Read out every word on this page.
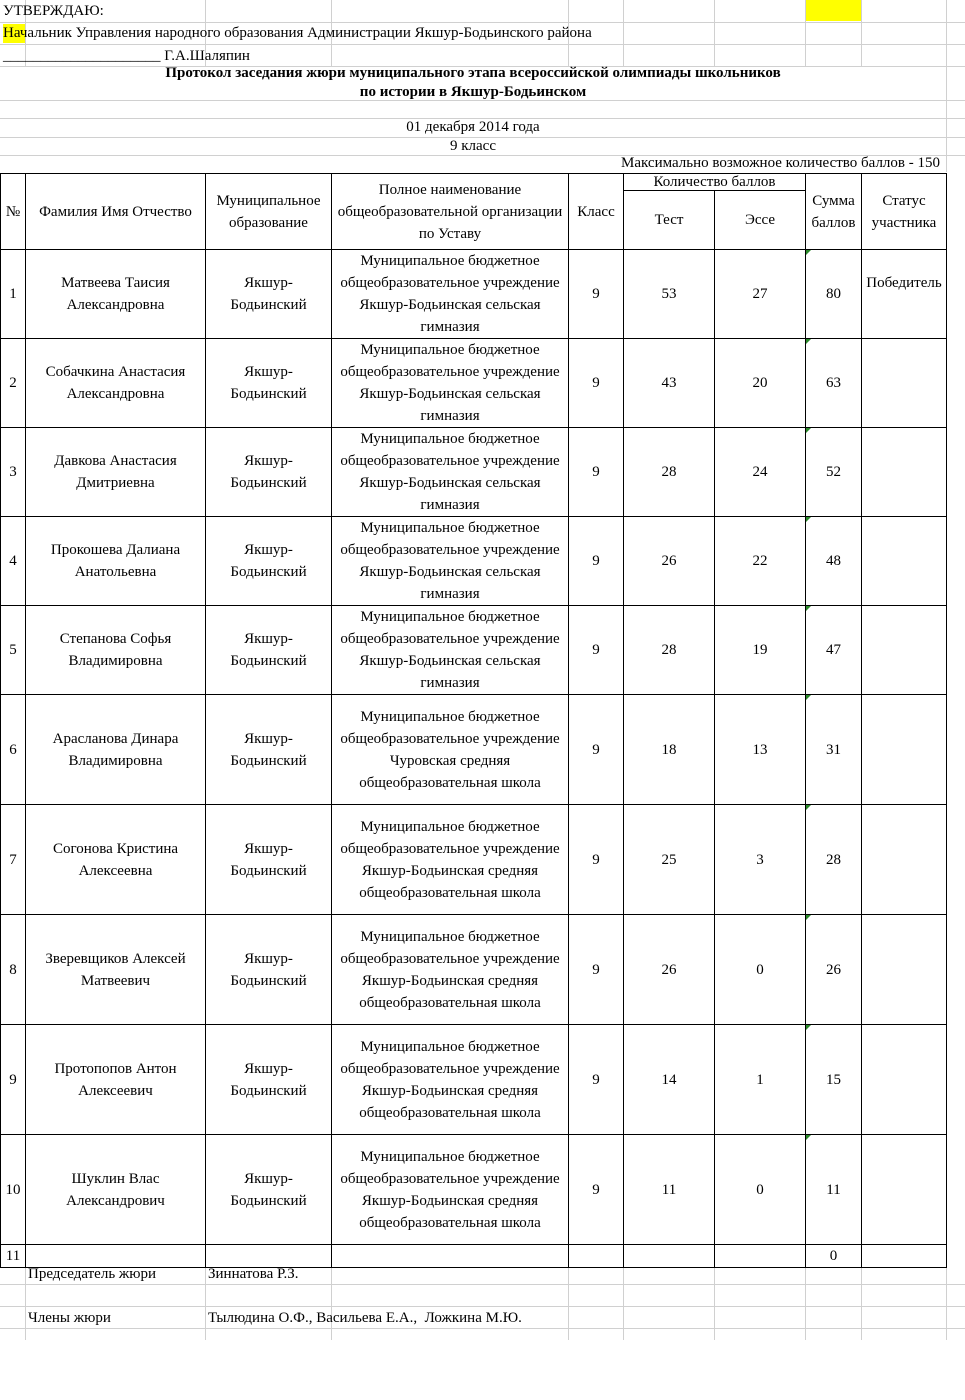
УТВЕРЖДАЮ:
Начальник Управления народного образования Администрации Якшур-Бодьинского района
_____________________ Г.А.Шаляпин
Протокол заседания жюри муниципального этапа всероссийской олимпиады школьников
по истории в Якшур-Бодьинском
01 декабря 2014 года
9 класс
Максимально возможное количество баллов - 150
№	Фамилия Имя Отчество	Муниципальное образование	Полное наименование общеобразовательной организации по Уставу	Класс	Количество баллов		Сумма баллов	Статус участника
					Тест	Эссе		
1	Матвеева Таисия Александровна	Якшур-Бодьинский	Муниципальное бюджетное общеобразовательное учреждение Якшур-Бодьинская сельская гимназия	9	53	27	80	Победитель
2	Собачкина Анастасия Александровна	Якшур-Бодьинский	Муниципальное бюджетное общеобразовательное учреждение Якшур-Бодьинская сельская гимназия	9	43	20	63	
3	Давкова Анастасия Дмитриевна	Якшур-Бодьинский	Муниципальное бюджетное общеобразовательное учреждение Якшур-Бодьинская сельская гимназия	9	28	24	52	
4	Прокошева Далиана Анатольевна	Якшур-Бодьинский	Муниципальное бюджетное общеобразовательное учреждение Якшур-Бодьинская сельская гимназия	9	26	22	48	
5	Степанова Софья Владимировна	Якшур-Бодьинский	Муниципальное бюджетное общеобразовательное учреждение Якшур-Бодьинская сельская гимназия	9	28	19	47	
6	Арасланова Динара Владимировна	Якшур-Бодьинский	Муниципальное бюджетное общеобразовательное учреждение Чуровская средняя общеобразовательная школа	9	18	13	31	
7	Согонова Кристина Алексеевна	Якшур-Бодьинский	Муниципальное бюджетное общеобразовательное учреждение Якшур-Бодьинская средняя общеобразовательная школа	9	25	3	28	
8	Зверевщиков Алексей Матвеевич	Якшур-Бодьинский	Муниципальное бюджетное общеобразовательное учреждение Якшур-Бодьинская средняя общеобразовательная школа	9	26	0	26	
9	Протопопов Антон Алексеевич	Якшур-Бодьинский	Муниципальное бюджетное общеобразовательное учреждение Якшур-Бодьинская средняя общеобразовательная школа	9	14	1	15	
10	Шуклин Влас Александрович	Якшур-Бодьинский	Муниципальное бюджетное общеобразовательное учреждение Якшур-Бодьинская средняя общеобразовательная школа	9	11	0	11	
11							0	
Председатель жюри	Зиннатова Р.З.
Члены жюри	Тылюдина О.Ф., Васильева Е.А.,  Ложкина М.Ю.
